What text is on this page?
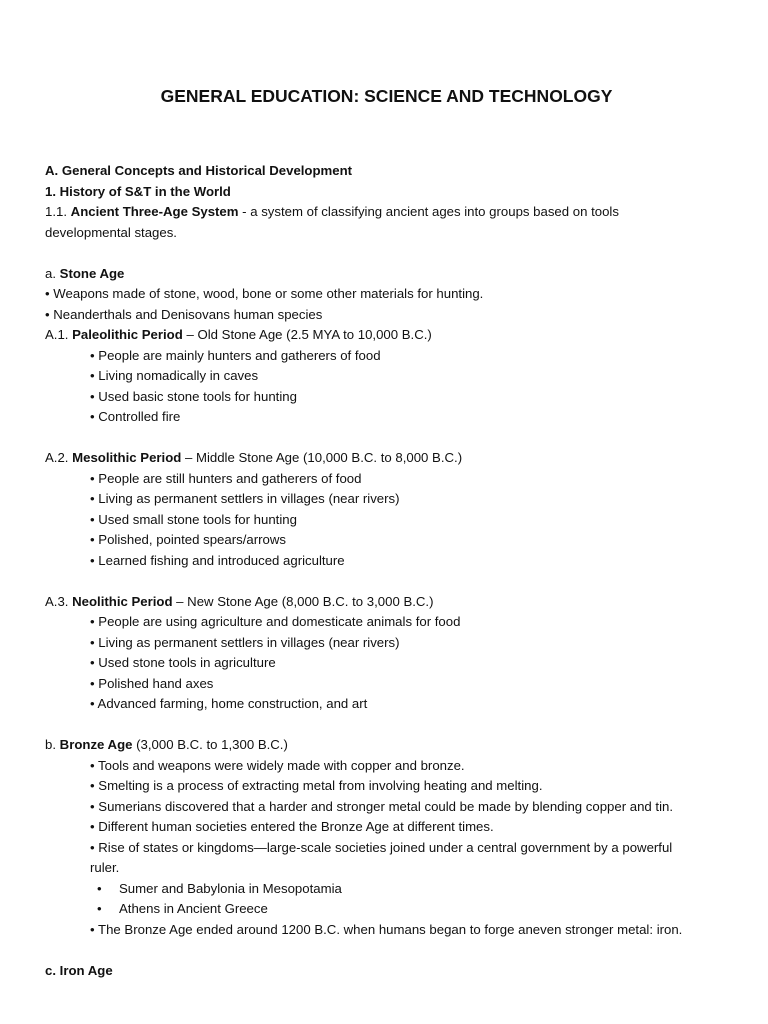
GENERAL EDUCATION: SCIENCE AND TECHNOLOGY

A. General Concepts and Historical Development

1. History of S&T in the World

1.1. Ancient Three-Age System - a system of classifying ancient ages into groups based on tools

developmental stages.

a. Stone Age

• Weapons made of stone, wood, bone or some other materials for hunting.

• Neanderthals and Denisovans human species

A.1. Paleolithic Period – Old Stone Age (2.5 MYA to 10,000 B.C.)

• People are mainly hunters and gatherers of food

• Living nomadically in caves

• Used basic stone tools for hunting

• Controlled fire

A.2. Mesolithic Period – Middle Stone Age (10,000 B.C. to 8,000 B.C.)

• People are still hunters and gatherers of food

• Living as permanent settlers in villages (near rivers)

• Used small stone tools for hunting

• Polished, pointed spears/arrows

• Learned fishing and introduced agriculture

A.3. Neolithic Period – New Stone Age (8,000 B.C. to 3,000 B.C.)

• People are using agriculture and domesticate animals for food

• Living as permanent settlers in villages (near rivers)

• Used stone tools in agriculture

• Polished hand axes

• Advanced farming, home construction, and art

b. Bronze Age (3,000 B.C. to 1,300 B.C.)

• Tools and weapons were widely made with copper and bronze.

• Smelting is a process of extracting metal from involving heating and melting.

• Sumerians discovered that a harder and stronger metal could be made by blending copper and tin.

• Different human societies entered the Bronze Age at different times.

• Rise of states or kingdoms—large-scale societies joined under a central government by a powerful

ruler.

• Sumer and Babylonia in Mesopotamia

• Athens in Ancient Greece

• The Bronze Age ended around 1200 B.C. when humans began to forge aneven stronger metal: iron.

c. Iron Age
